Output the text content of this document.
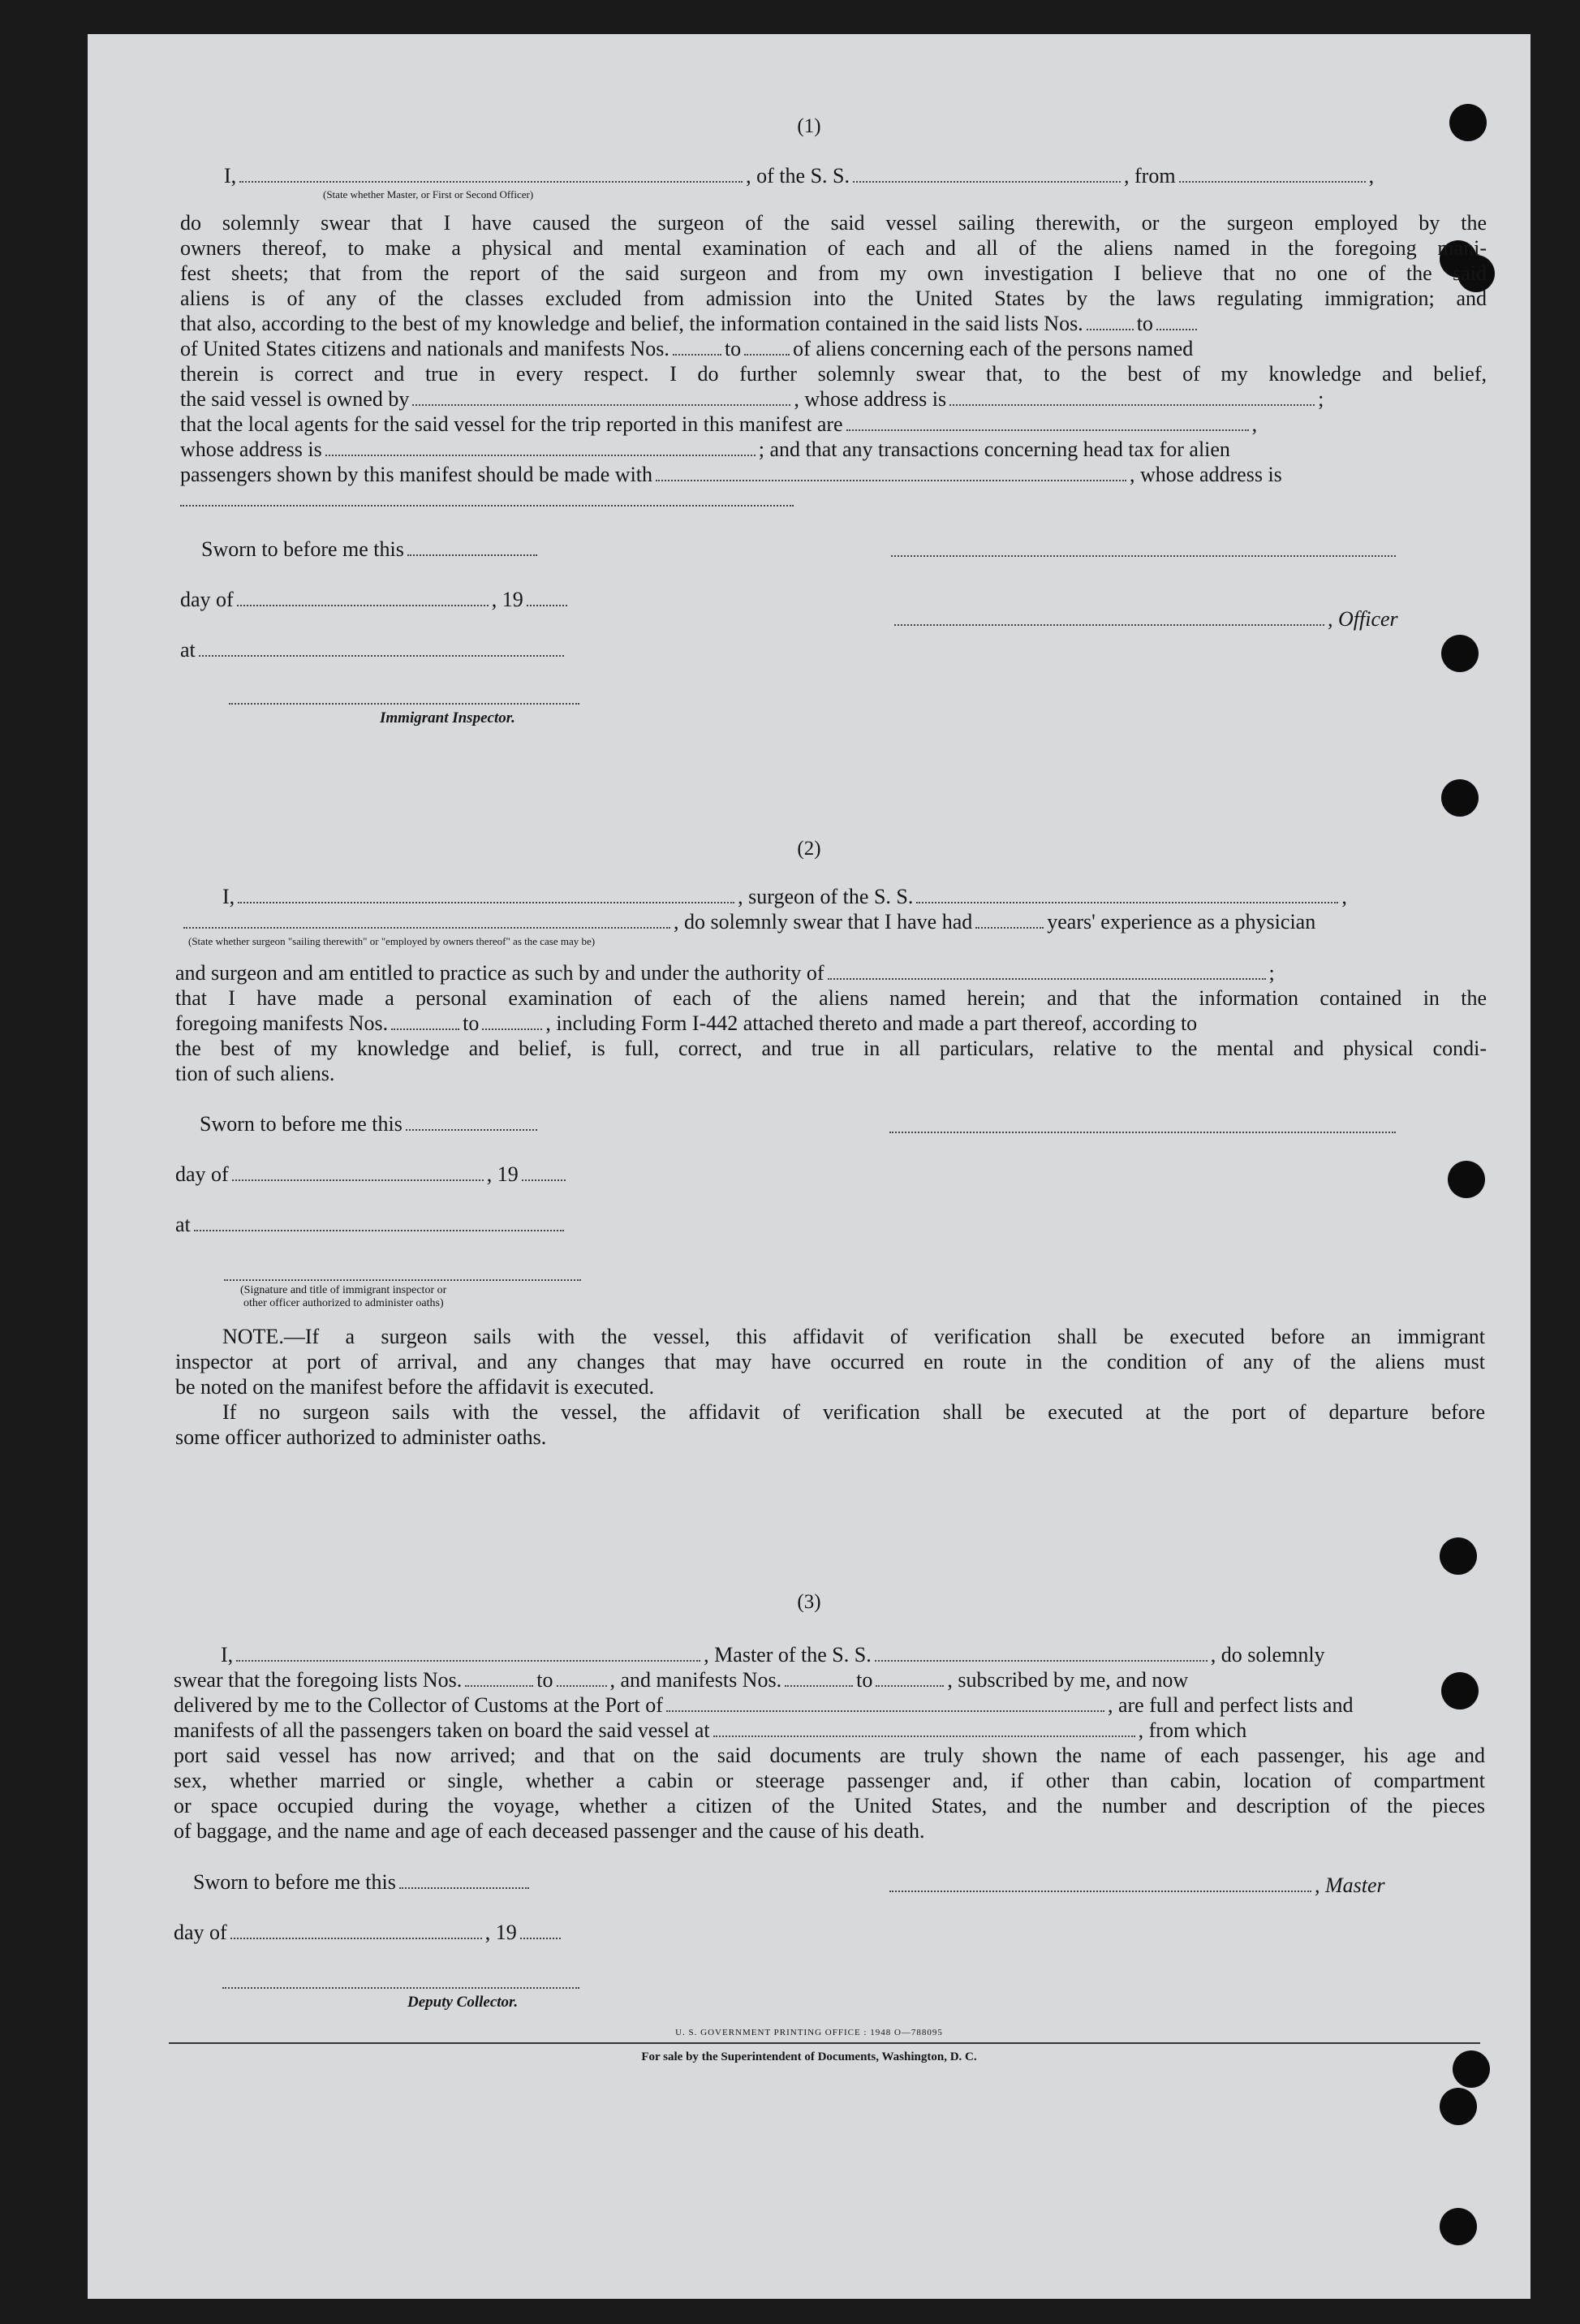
(1)
I,	, of the S. S.	, from	,
(State whether Master, or First or Second Officer)
do solemnly swear that I have caused the surgeon of the said vessel sailing therewith, or the surgeon employed by the
owners thereof, to make a physical and mental examination of each and all of the aliens named in the foregoing mani-
fest sheets; that from the report of the said surgeon and from my own investigation I believe that no one of the said
aliens is of any of the classes excluded from admission into the United States by the laws regulating immigration; and
that also, according to the best of my knowledge and belief, the information contained in the said lists Nos.	to
of United States citizens and nationals and manifests Nos.	to of aliens concerning each of the persons named
therein is correct and true in every respect. I do further solemnly swear that, to the best of my knowledge and belief,
the said vessel is owned by	, whose address is	;
that the local agents for the said vessel for the trip reported in this manifest are	,
whose address is	; and that any transactions concerning head tax for alien
passengers shown by this manifest should be made with	, whose address is
Sworn to before me this
day of	, 19
, Officer
at
Immigrant Inspector.
(2)
I,	, surgeon of the S. S.	,
, do solemnly swear that I have had	years' experience as a physician
(State whether surgeon "sailing therewith" or "employed by owners thereof" as the case may be)
and surgeon and am entitled to practice as such by and under the authority of	;
that I have made a personal examination of each of the aliens named herein; and that the information contained in the
foregoing manifests Nos.	to	, including Form I-442 attached thereto and made a part thereof, according to
the best of my knowledge and belief, is full, correct, and true in all particulars, relative to the mental and physical condi-
tion of such aliens.
Sworn to before me this
day of	, 19
at
(Signature and title of immigrant inspector or
other officer authorized to administer oaths)
NOTE.—If a surgeon sails with the vessel, this affidavit of verification shall be executed before an immigrant
inspector at port of arrival, and any changes that may have occurred en route in the condition of any of the aliens must
be noted on the manifest before the affidavit is executed.
If no surgeon sails with the vessel, the affidavit of verification shall be executed at the port of departure before
some officer authorized to administer oaths.
(3)
I,	, Master of the S. S.	, do solemnly
swear that the foregoing lists Nos.	to	, and manifests Nos.	to	, subscribed by me, and now
delivered by me to the Collector of Customs at the Port of	, are full and perfect lists and
manifests of all the passengers taken on board the said vessel at	, from which
port said vessel has now arrived; and that on the said documents are truly shown the name of each passenger, his age and
sex, whether married or single, whether a cabin or steerage passenger and, if other than cabin, location of compartment
or space occupied during the voyage, whether a citizen of the United States, and the number and description of the pieces
of baggage, and the name and age of each deceased passenger and the cause of his death.
Sworn to before me this	, Master
day of	, 19
Deputy Collector.
U. S. GOVERNMENT PRINTING OFFICE : 1948 O—788095
For sale by the Superintendent of Documents, Washington, D. C.
